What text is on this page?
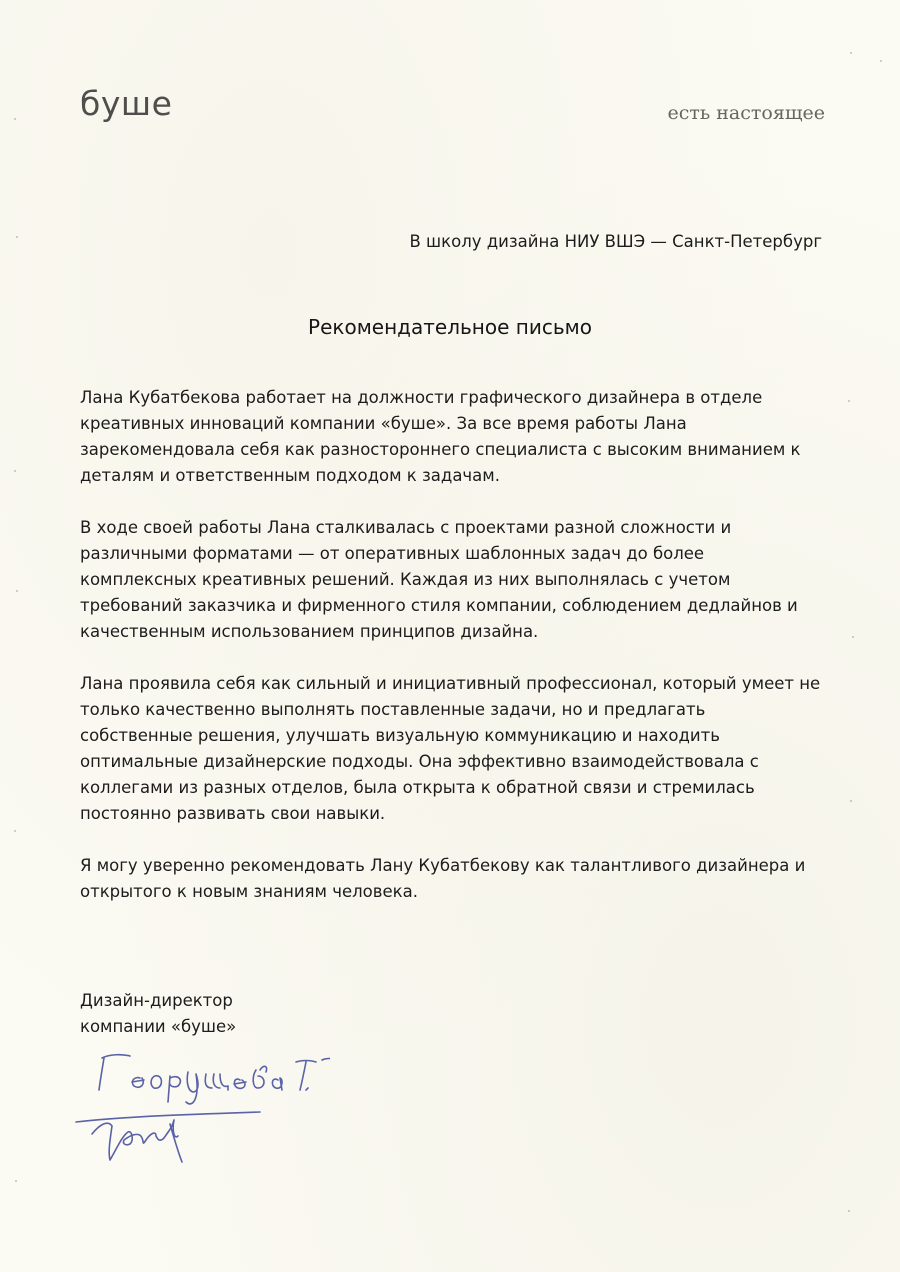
буше	есть настоящее
В школу дизайна НИУ ВШЭ — Санкт-Петербург
Рекомендательное письмо

Лана Кубатбекова работает на должности графического дизайнера в отделе
креативных инноваций компании «буше». За все время работы Лана
зарекомендовала себя как разностороннего специалиста с высоким вниманием к
деталям и ответственным подходом к задачам.

В ходе своей работы Лана сталкивалась с проектами разной сложности и
различными форматами — от оперативных шаблонных задач до более
комплексных креативных решений. Каждая из них выполнялась с учетом
требований заказчика и фирменного стиля компании, соблюдением дедлайнов и
качественным использованием принципов дизайна.

Лана проявила себя как сильный и инициативный профессионал, который умеет не
только качественно выполнять поставленные задачи, но и предлагать
собственные решения, улучшать визуальную коммуникацию и находить
оптимальные дизайнерские подходы. Она эффективно взаимодействовала с
коллегами из разных отделов, была открыта к обратной связи и стремилась
постоянно развивать свои навыки.

Я могу уверенно рекомендовать Лану Кубатбекову как талантливого дизайнера и
открытого к новым знаниям человека.

Дизайн-директор
компании «буше»
